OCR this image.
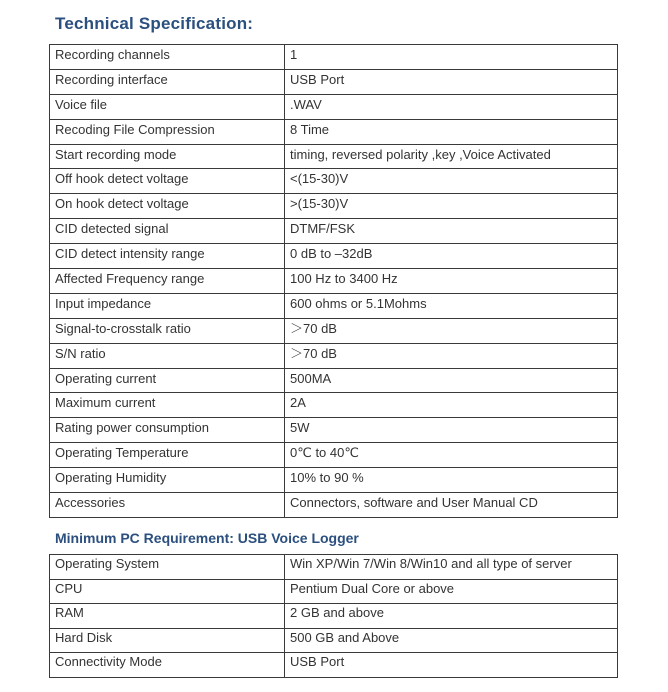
Technical Specification:
Recording channels	1
Recording interface	USB Port
Voice file	.WAV
Recoding File Compression	8 Time
Start recording mode	timing, reversed polarity ,key ,Voice Activated
Off hook detect voltage	<(15-30)V
On hook detect voltage	>(15-30)V
CID detected signal	DTMF/FSK
CID detect intensity range	0 dB to –32dB
Affected Frequency range	100 Hz to 3400 Hz
Input impedance	600 ohms or 5.1Mohms
Signal-to-crosstalk ratio	＞70 dB
S/N ratio	＞70 dB
Operating current	500MA
Maximum current	2A
Rating power consumption	5W
Operating Temperature	0℃ to 40℃
Operating Humidity	10% to 90 %
Accessories	Connectors, software and User Manual CD
Minimum PC Requirement: USB Voice Logger
Operating System	Win XP/Win 7/Win 8/Win10 and all type of server
CPU	Pentium Dual Core or above
RAM	2 GB and above
Hard Disk	500 GB and Above
Connectivity Mode	USB Port
